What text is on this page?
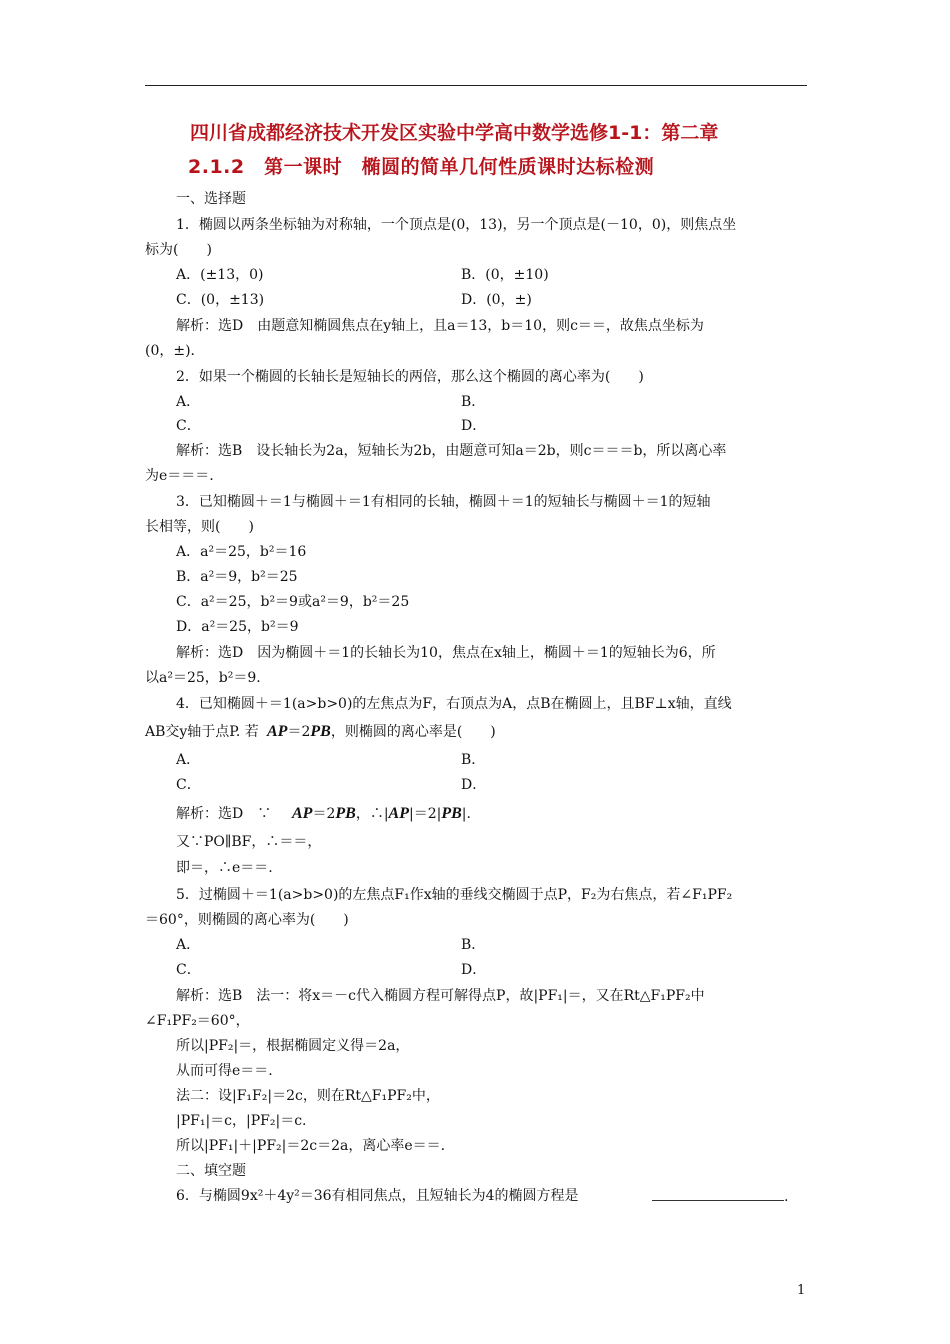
四川省成都经济技术开发区实验中学高中数学选修1-1：第二章
2.1.2　第一课时　椭圆的简单几何性质课时达标检测
一、选择题
1．椭圆以两条坐标轴为对称轴，一个顶点是(0，13)，另一个顶点是(－10，0)，则焦点坐
标为(　　)
A．(±13，0)	B．(0，±10)
C．(0，±13)	D．(0，±)
解析：选D　由题意知椭圆焦点在y轴上，且a＝13，b＝10，则c＝＝，故焦点坐标为
(0，±)．
2．如果一个椭圆的长轴长是短轴长的两倍，那么这个椭圆的离心率为(　　)
A．	B．
C．	D．
解析：选B　设长轴长为2a，短轴长为2b，由题意可知a＝2b，则c＝＝＝b，所以离心率
为e＝＝＝.
3．已知椭圆＋＝1与椭圆＋＝1有相同的长轴，椭圆＋＝1的短轴长与椭圆＋＝1的短轴
长相等，则(　　)
A．a²＝25，b²＝16
B．a²＝9，b²＝25
C．a²＝25，b²＝9或a²＝9，b²＝25
D．a²＝25，b²＝9
解析：选D　因为椭圆＋＝1的长轴长为10，焦点在x轴上，椭圆＋＝1的短轴长为6，所
以a²＝25，b²＝9.
4．已知椭圆＋＝1(a>b>0)的左焦点为F，右顶点为A，点B在椭圆上，且BF⊥x轴，直线
AB交y轴于点P. 若
A．	B．
C．	D．
解析：选D　∵
又∵PO∥BF，∴＝＝，
即＝，∴e＝＝.
5．过椭圆＋＝1(a>b>0)的左焦点F₁作x轴的垂线交椭圆于点P，F₂为右焦点，若∠F₁PF₂
＝60°，则椭圆的离心率为(　　)
A．	B．
C．	D．
解析：选B　法一：将x＝－c代入椭圆方程可解得点P，故|PF₁|＝，又在Rt△F₁PF₂中
∠F₁PF₂＝60°，
所以|PF₂|＝，根据椭圆定义得＝2a，
从而可得e＝＝.
法二：设|F₁F₂|＝2c，则在Rt△F₁PF₂中，
|PF₁|＝c，|PF₂|＝c.
所以|PF₁|＋|PF₂|＝2c＝2a，离心率e＝＝.
二、填空题
6．与椭圆9x²＋4y²＝36有相同焦点，且短轴长为4的椭圆方程是
AP＝2PB，则椭圆的离心率是(　　)
AP＝2PB，∴|AP|＝2|PB|.
.
1
